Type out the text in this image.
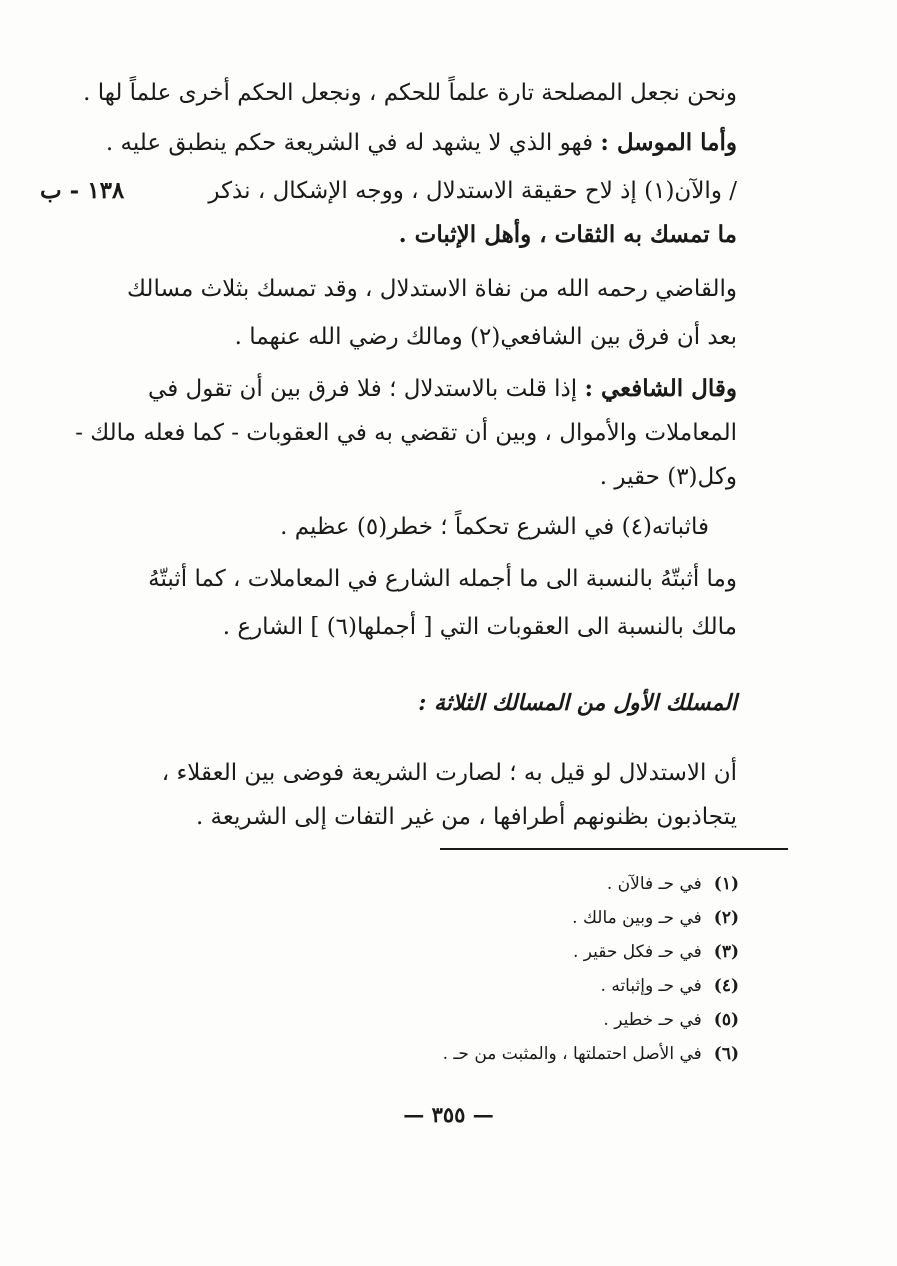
ونحن نجعل المصلحة تارة علماً للحكم ، ونجعل الحكم أخرى علماً لها .
وأما الموسل : فهو الذي لا يشهد له في الشريعة حكم ينطبق عليه .
/ والآن(١) إذ لاح حقيقة الاستدلال ، ووجه الإشكال ، نذكر
١٣٨ - ب
ما تمسك به الثقات ، وأهل الإثبات .
والقاضي رحمه الله من نفاة الاستدلال ، وقد تمسك بثلاث مسالك
بعد أن فرق بين الشافعي(٢) ومالك رضي الله عنهما .
وقال الشافعي : إذا قلت بالاستدلال ؛ فلا فرق بين أن تقول في
المعاملات والأموال ، وبين أن تقضي به في العقوبات - كما فعله مالك -
وكل(٣) حقير .
فاثباته(٤) في الشرع تحكماً ؛ خطر(٥) عظيم .
وما أثبتّهُ بالنسبة الى ما أجمله الشارع في المعاملات ، كما أثبتّهُ
مالك بالنسبة الى العقوبات التي [ أجملها(٦) ] الشارع .
المسلك الأول من المسالك الثلاثة :
أن الاستدلال لو قيل به ؛ لصارت الشريعة فوضى بين العقلاء ،
يتجاذبون بظنونهم أطرافها ، من غير التفات إلى الشريعة .
(١)في حـ فالآن .
(٢)في حـ وبين مالك .
(٣)في حـ فكل حقير .
(٤)في حـ وإثباته .
(٥)في حـ خطير .
(٦)في الأصل احتملتها ، والمثبت من حـ .
— ٣٥٥ —
